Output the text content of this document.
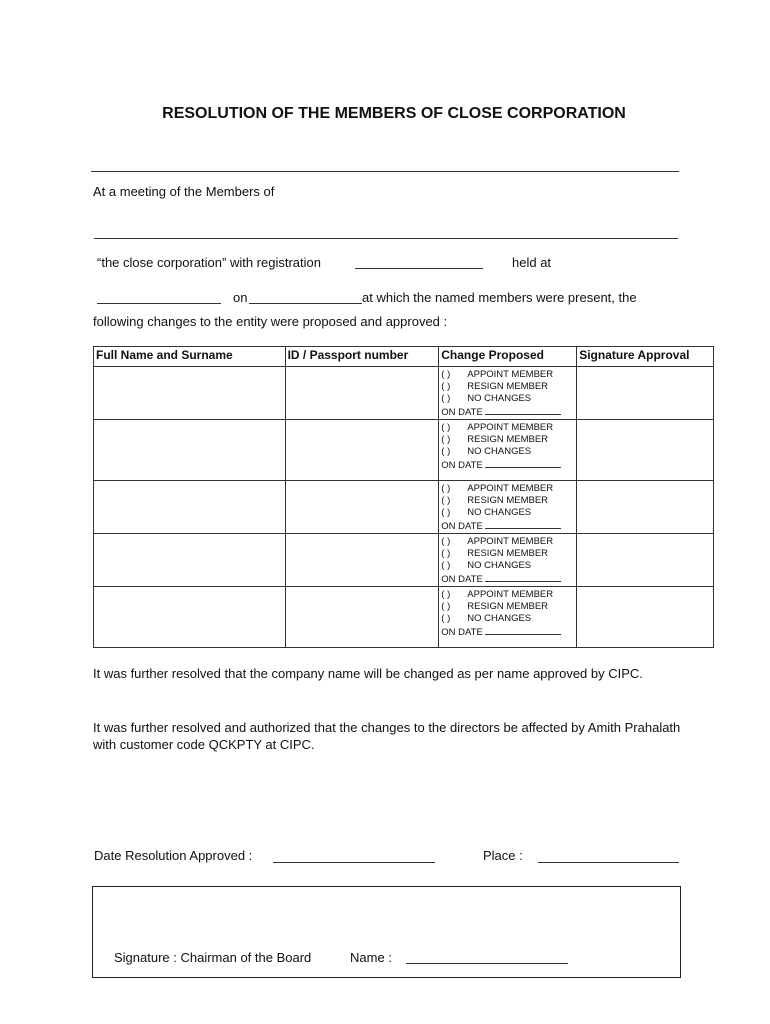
RESOLUTION OF THE MEMBERS OF CLOSE CORPORATION
At a meeting of the Members of
“the close corporation” with registration	held at
on	at which the named members were present, the
following changes to the entity were proposed and approved :
Full Name and Surname	ID / Passport number	Change Proposed	Signature Approval

		( ) APPOINT MEMBER
( ) RESIGN MEMBER
( ) NO CHANGES
ON DATE	

		( ) APPOINT MEMBER
( ) RESIGN MEMBER
( ) NO CHANGES
ON DATE	

		( ) APPOINT MEMBER
( ) RESIGN MEMBER
( ) NO CHANGES
ON DATE	

		( ) APPOINT MEMBER
( ) RESIGN MEMBER
( ) NO CHANGES
ON DATE	

		( ) APPOINT MEMBER
( ) RESIGN MEMBER
( ) NO CHANGES
ON DATE	

It was further resolved that the company name will be changed as per name approved by CIPC.
It was further resolved and authorized that the changes to the directors be affected by Amith Prahalath with customer code QCKPTY at CIPC.
Date Resolution Approved :	Place :
Signature : Chairman of the Board	Name :
